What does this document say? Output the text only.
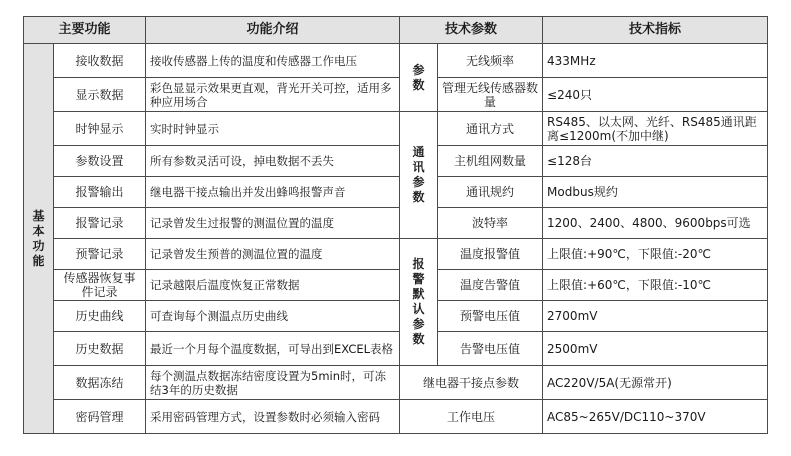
主要功能		功能介绍	技术参数		技术指标
基本功能	接收数据	接收传感器上传的温度和传感器工作电压	参数	无线频率	433MHz
	显示数据	彩色显显示效果更直观，背光开关可控，适用多种应用场合		管理无线传感器数量	≤240只
	时钟显示	实时时钟显示	通讯参数	通讯方式	RS485、以太网、光纤、RS485通讯距离≤1200m(不加中继)
	参数设置	所有参数灵活可设，掉电数据不丢失		主机组网数量	≤128台
	报警输出	继电器干接点输出并发出蜂鸣报警声音		通讯规约	Modbus规约
	报警记录	记录曾发生过报警的测温位置的温度		波特率	1200、2400、4800、9600bps可选
	预警记录	记录曾发生预普的测温位置的温度	报警默认参数	温度报警值	上限值:+90℃，下限值:-20℃
	传感器恢复事件记录	记录越限后温度恢复正常数据		温度告警值	上限值:+60℃，下限值:-10℃
	历史曲线	可查询每个测温点历史曲线		预警电压值	2700mV
	历史数据	最近一个月每个温度数据，可导出到EXCEL表格		告警电压值	2500mV
	数据冻结	每个测温点数据冻结密度设置为5min时，可冻结3年的历史数据	继电器干接点参数		AC220V/5A(无源常开)
	密码管理	采用密码管理方式，设置参数时必须输入密码	工作电压		AC85~265V/DC110~370V
